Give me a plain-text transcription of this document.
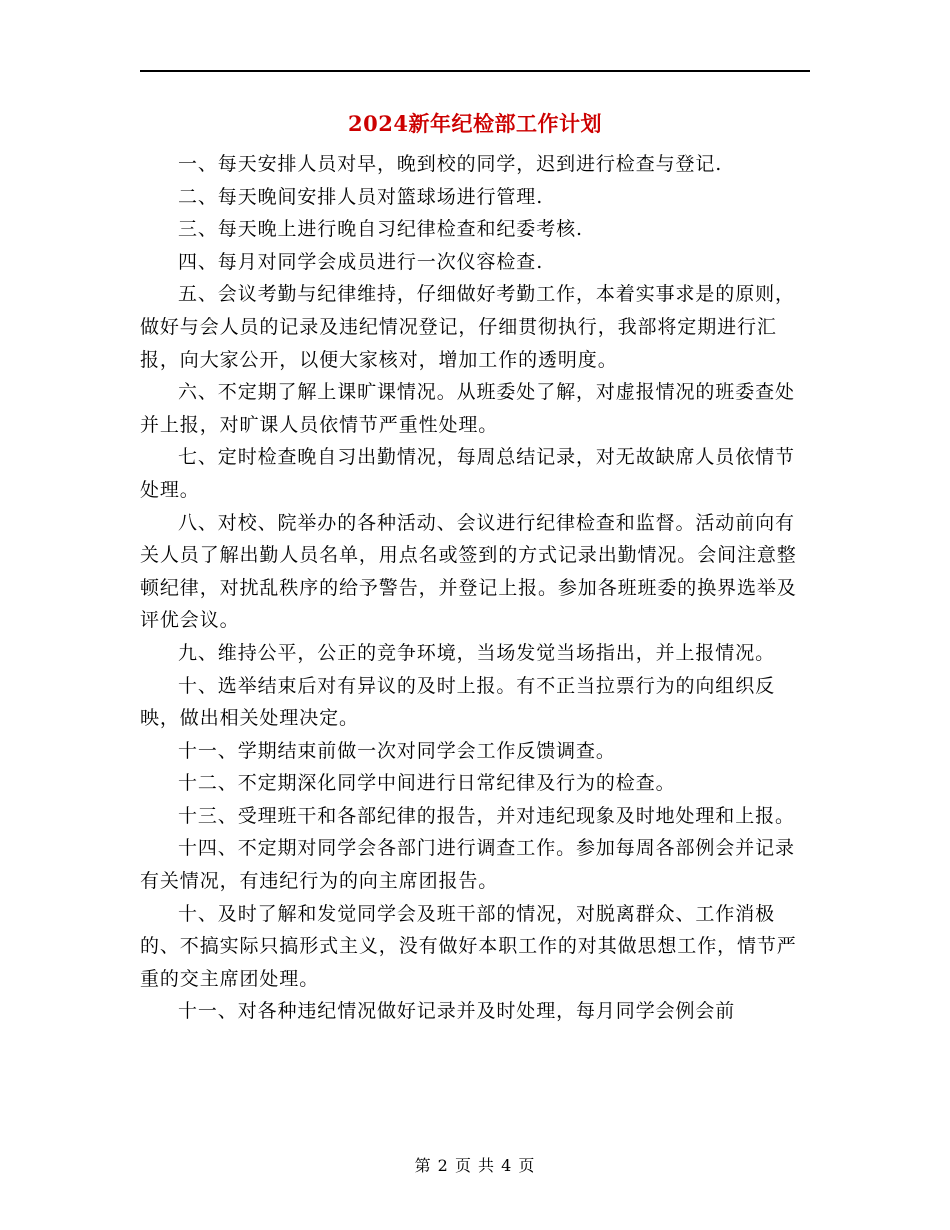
2024新年纪检部工作计划

一、每天安排人员对早，晚到校的同学，迟到进行检查与登记.

二、每天晚间安排人员对篮球场进行管理.

三、每天晚上进行晚自习纪律检查和纪委考核.

四、每月对同学会成员进行一次仪容检查.

五、会议考勤与纪律维持，仔细做好考勤工作，本着实事求是的原则，做好与会人员的记录及违纪情况登记，仔细贯彻执行，我部将定期进行汇报，向大家公开，以便大家核对，增加工作的透明度。

六、不定期了解上课旷课情况。从班委处了解，对虚报情况的班委查处并上报，对旷课人员依情节严重性处理。

七、定时检查晚自习出勤情况，每周总结记录，对无故缺席人员依情节处理。

八、对校、院举办的各种活动、会议进行纪律检查和监督。活动前向有关人员了解出勤人员名单，用点名或签到的方式记录出勤情况。会间注意整顿纪律，对扰乱秩序的给予警告，并登记上报。参加各班班委的换界选举及评优会议。

九、维持公平，公正的竞争环境，当场发觉当场指出，并上报情况。

十、选举结束后对有异议的及时上报。有不正当拉票行为的向组织反映，做出相关处理决定。

十一、学期结束前做一次对同学会工作反馈调查。

十二、不定期深化同学中间进行日常纪律及行为的检查。

十三、受理班干和各部纪律的报告，并对违纪现象及时地处理和上报。

十四、不定期对同学会各部门进行调查工作。参加每周各部例会并记录有关情况，有违纪行为的向主席团报告。

十、及时了解和发觉同学会及班干部的情况，对脱离群众、工作消极的、不搞实际只搞形式主义，没有做好本职工作的对其做思想工作，情节严重的交主席团处理。

十一、对各种违纪情况做好记录并及时处理，每月同学会例会前

第 2 页 共 4 页
